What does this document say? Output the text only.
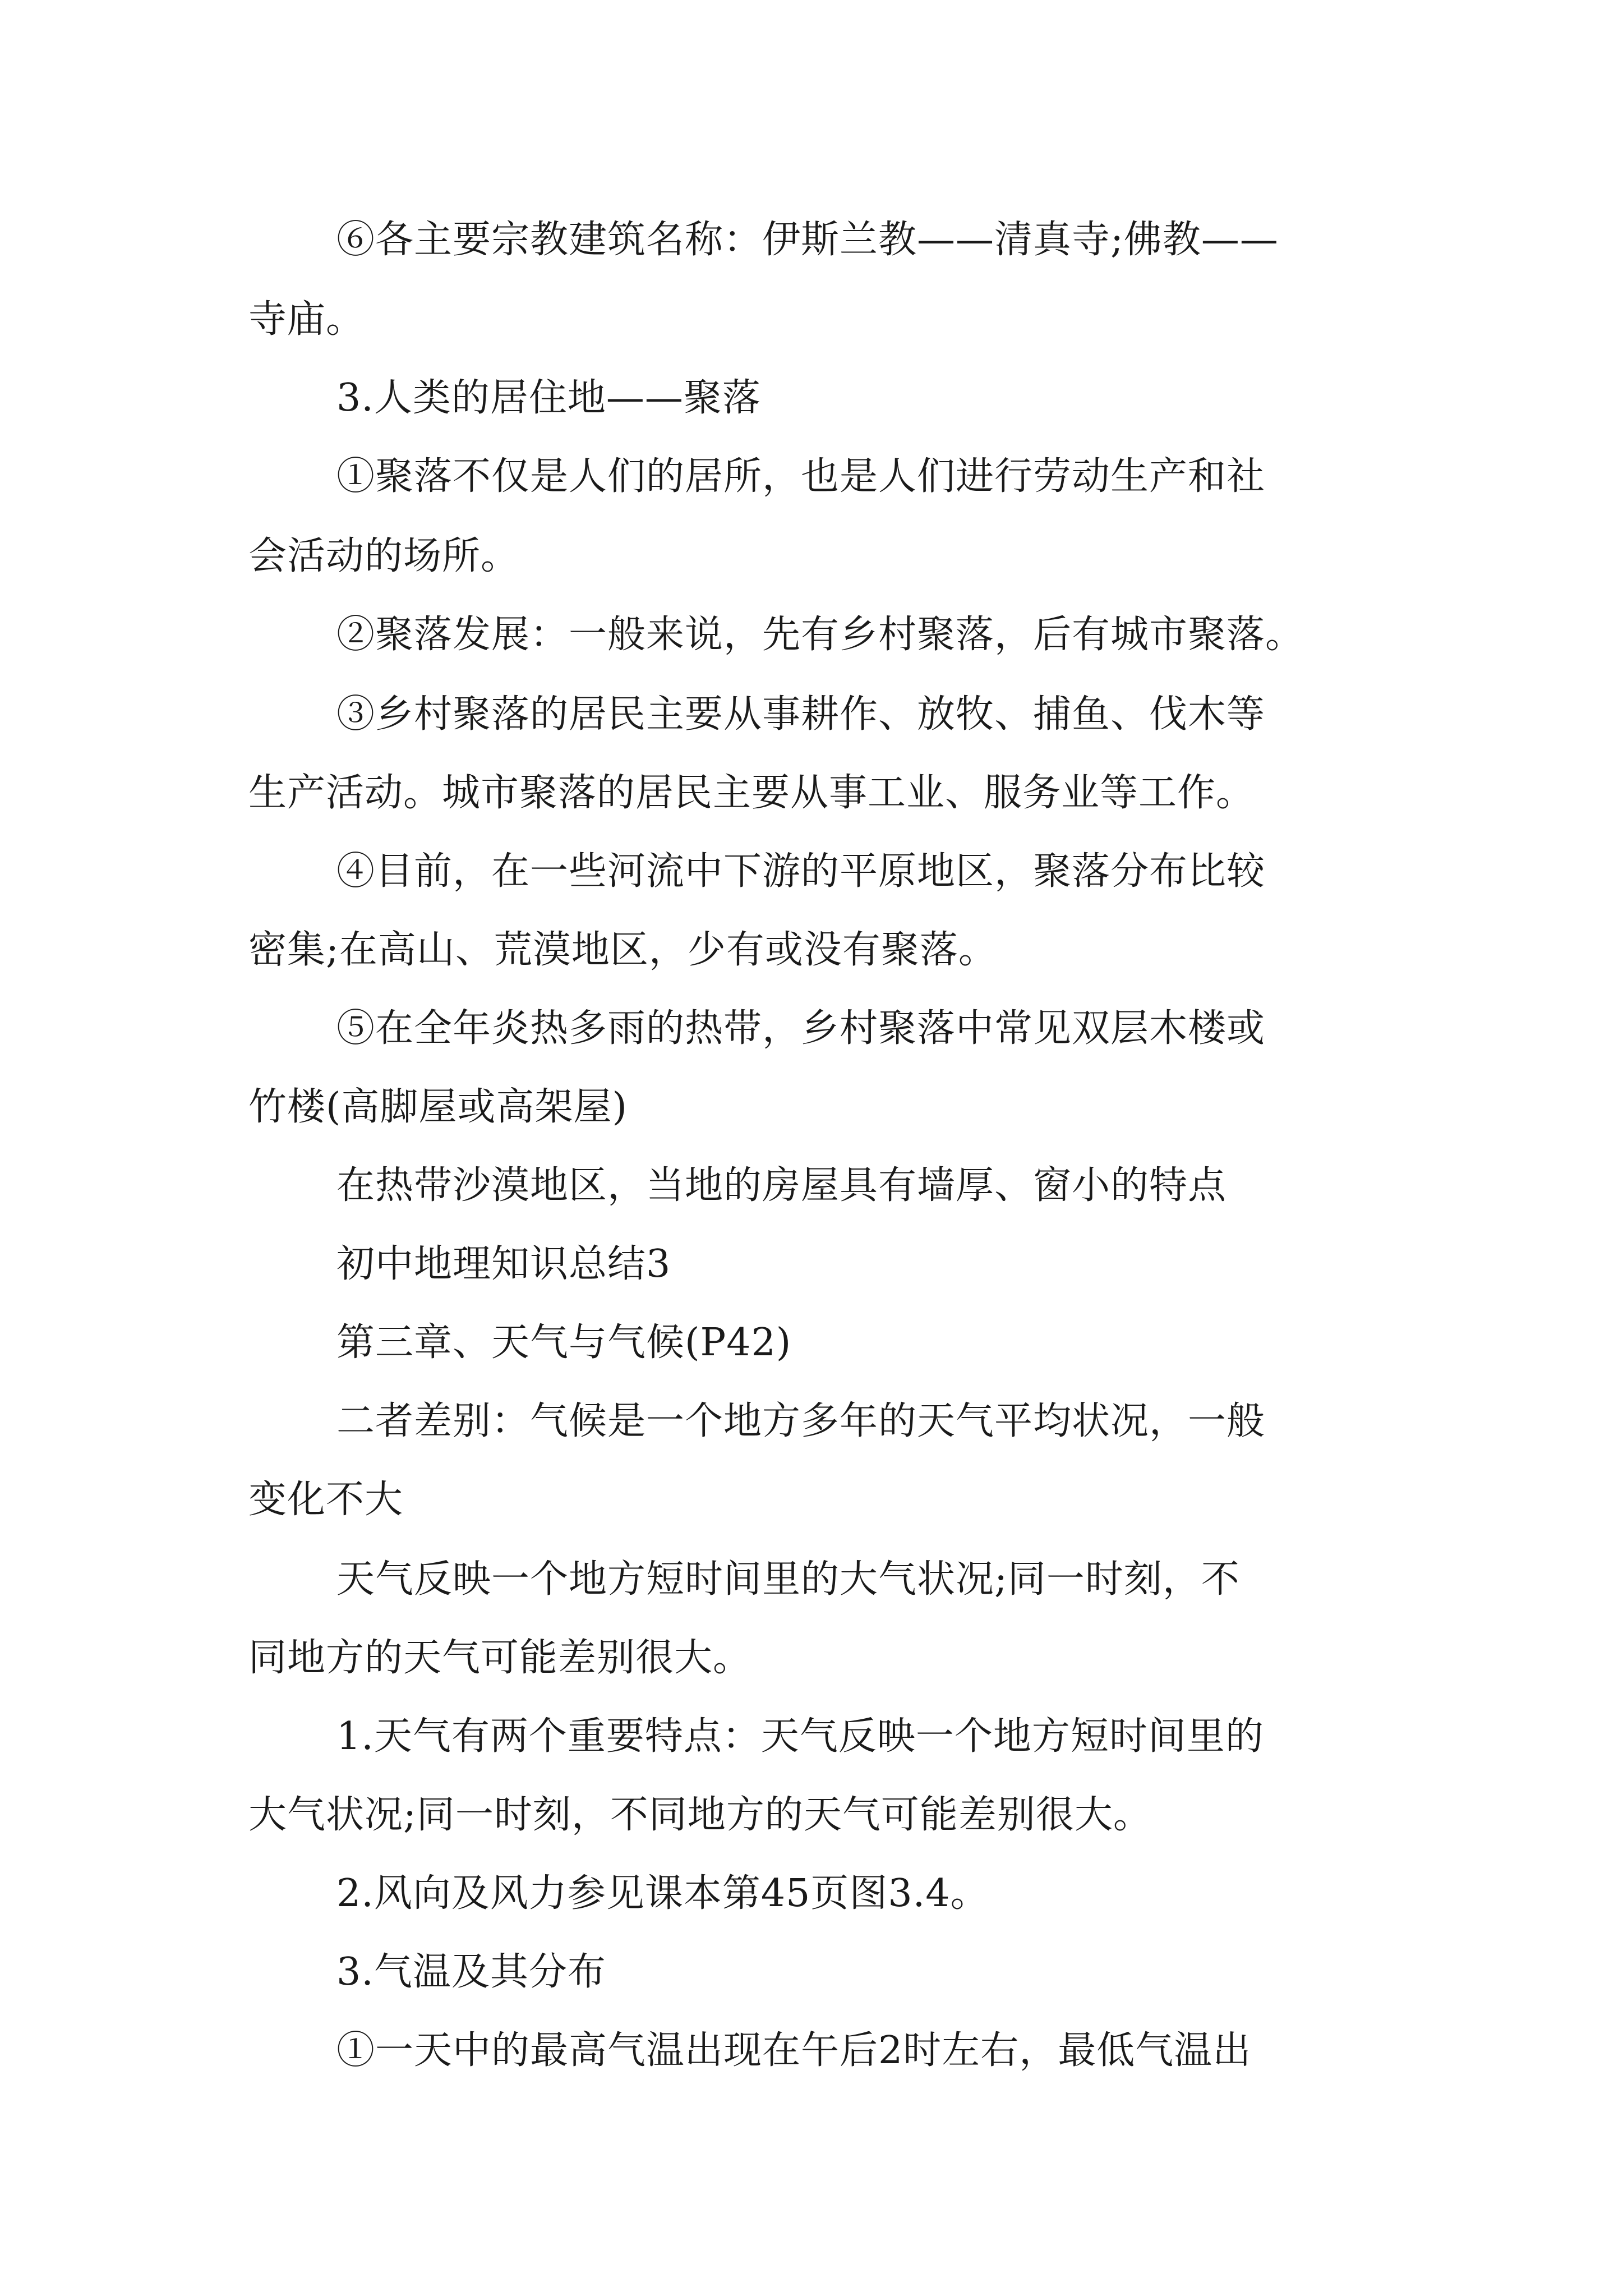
⑥各主要宗教建筑名称：伊斯兰教——清真寺;佛教——
寺庙。
3.人类的居住地——聚落
①聚落不仅是人们的居所，也是人们进行劳动生产和社
会活动的场所。
②聚落发展：一般来说，先有乡村聚落，后有城市聚落。
③乡村聚落的居民主要从事耕作、放牧、捕鱼、伐木等
生产活动。城市聚落的居民主要从事工业、服务业等工作。
④目前，在一些河流中下游的平原地区，聚落分布比较
密集;在高山、荒漠地区，少有或没有聚落。
⑤在全年炎热多雨的热带，乡村聚落中常见双层木楼或
竹楼(高脚屋或高架屋)
在热带沙漠地区，当地的房屋具有墙厚、窗小的特点
初中地理知识总结3
第三章、天气与气候(P42)
二者差别：气候是一个地方多年的天气平均状况，一般
变化不大
天气反映一个地方短时间里的大气状况;同一时刻，不
同地方的天气可能差别很大。
1.天气有两个重要特点：天气反映一个地方短时间里的
大气状况;同一时刻，不同地方的天气可能差别很大。
2.风向及风力参见课本第45页图3.4。
3.气温及其分布
①一天中的最高气温出现在午后2时左右，最低气温出
